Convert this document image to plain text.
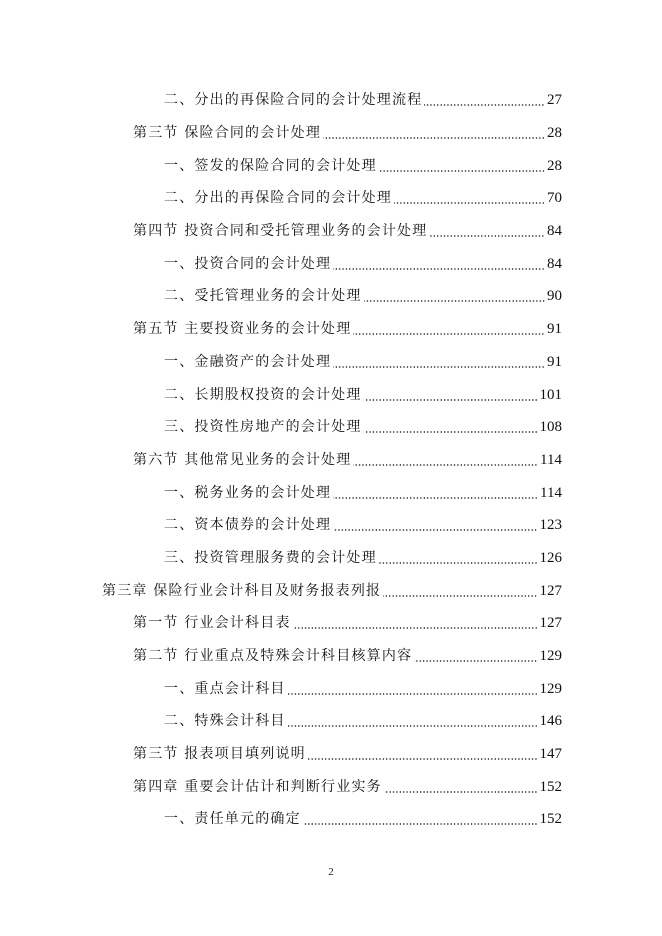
二、分出的再保险合同的会计处理流程	27
第三节 保险合同的会计处理	28
一、签发的保险合同的会计处理	28
二、分出的再保险合同的会计处理	70
第四节 投资合同和受托管理业务的会计处理	84
一、投资合同的会计处理	84
二、受托管理业务的会计处理	90
第五节 主要投资业务的会计处理	91
一、金融资产的会计处理	91
二、长期股权投资的会计处理	101
三、投资性房地产的会计处理	108
第六节 其他常见业务的会计处理	114
一、税务业务的会计处理	114
二、资本债券的会计处理	123
三、投资管理服务费的会计处理	126
第三章 保险行业会计科目及财务报表列报	127
第一节 行业会计科目表	127
第二节 行业重点及特殊会计科目核算内容	129
一、重点会计科目	129
二、特殊会计科目	146
第三节 报表项目填列说明	147
第四章 重要会计估计和判断行业实务	152
一、责任单元的确定	152
2
